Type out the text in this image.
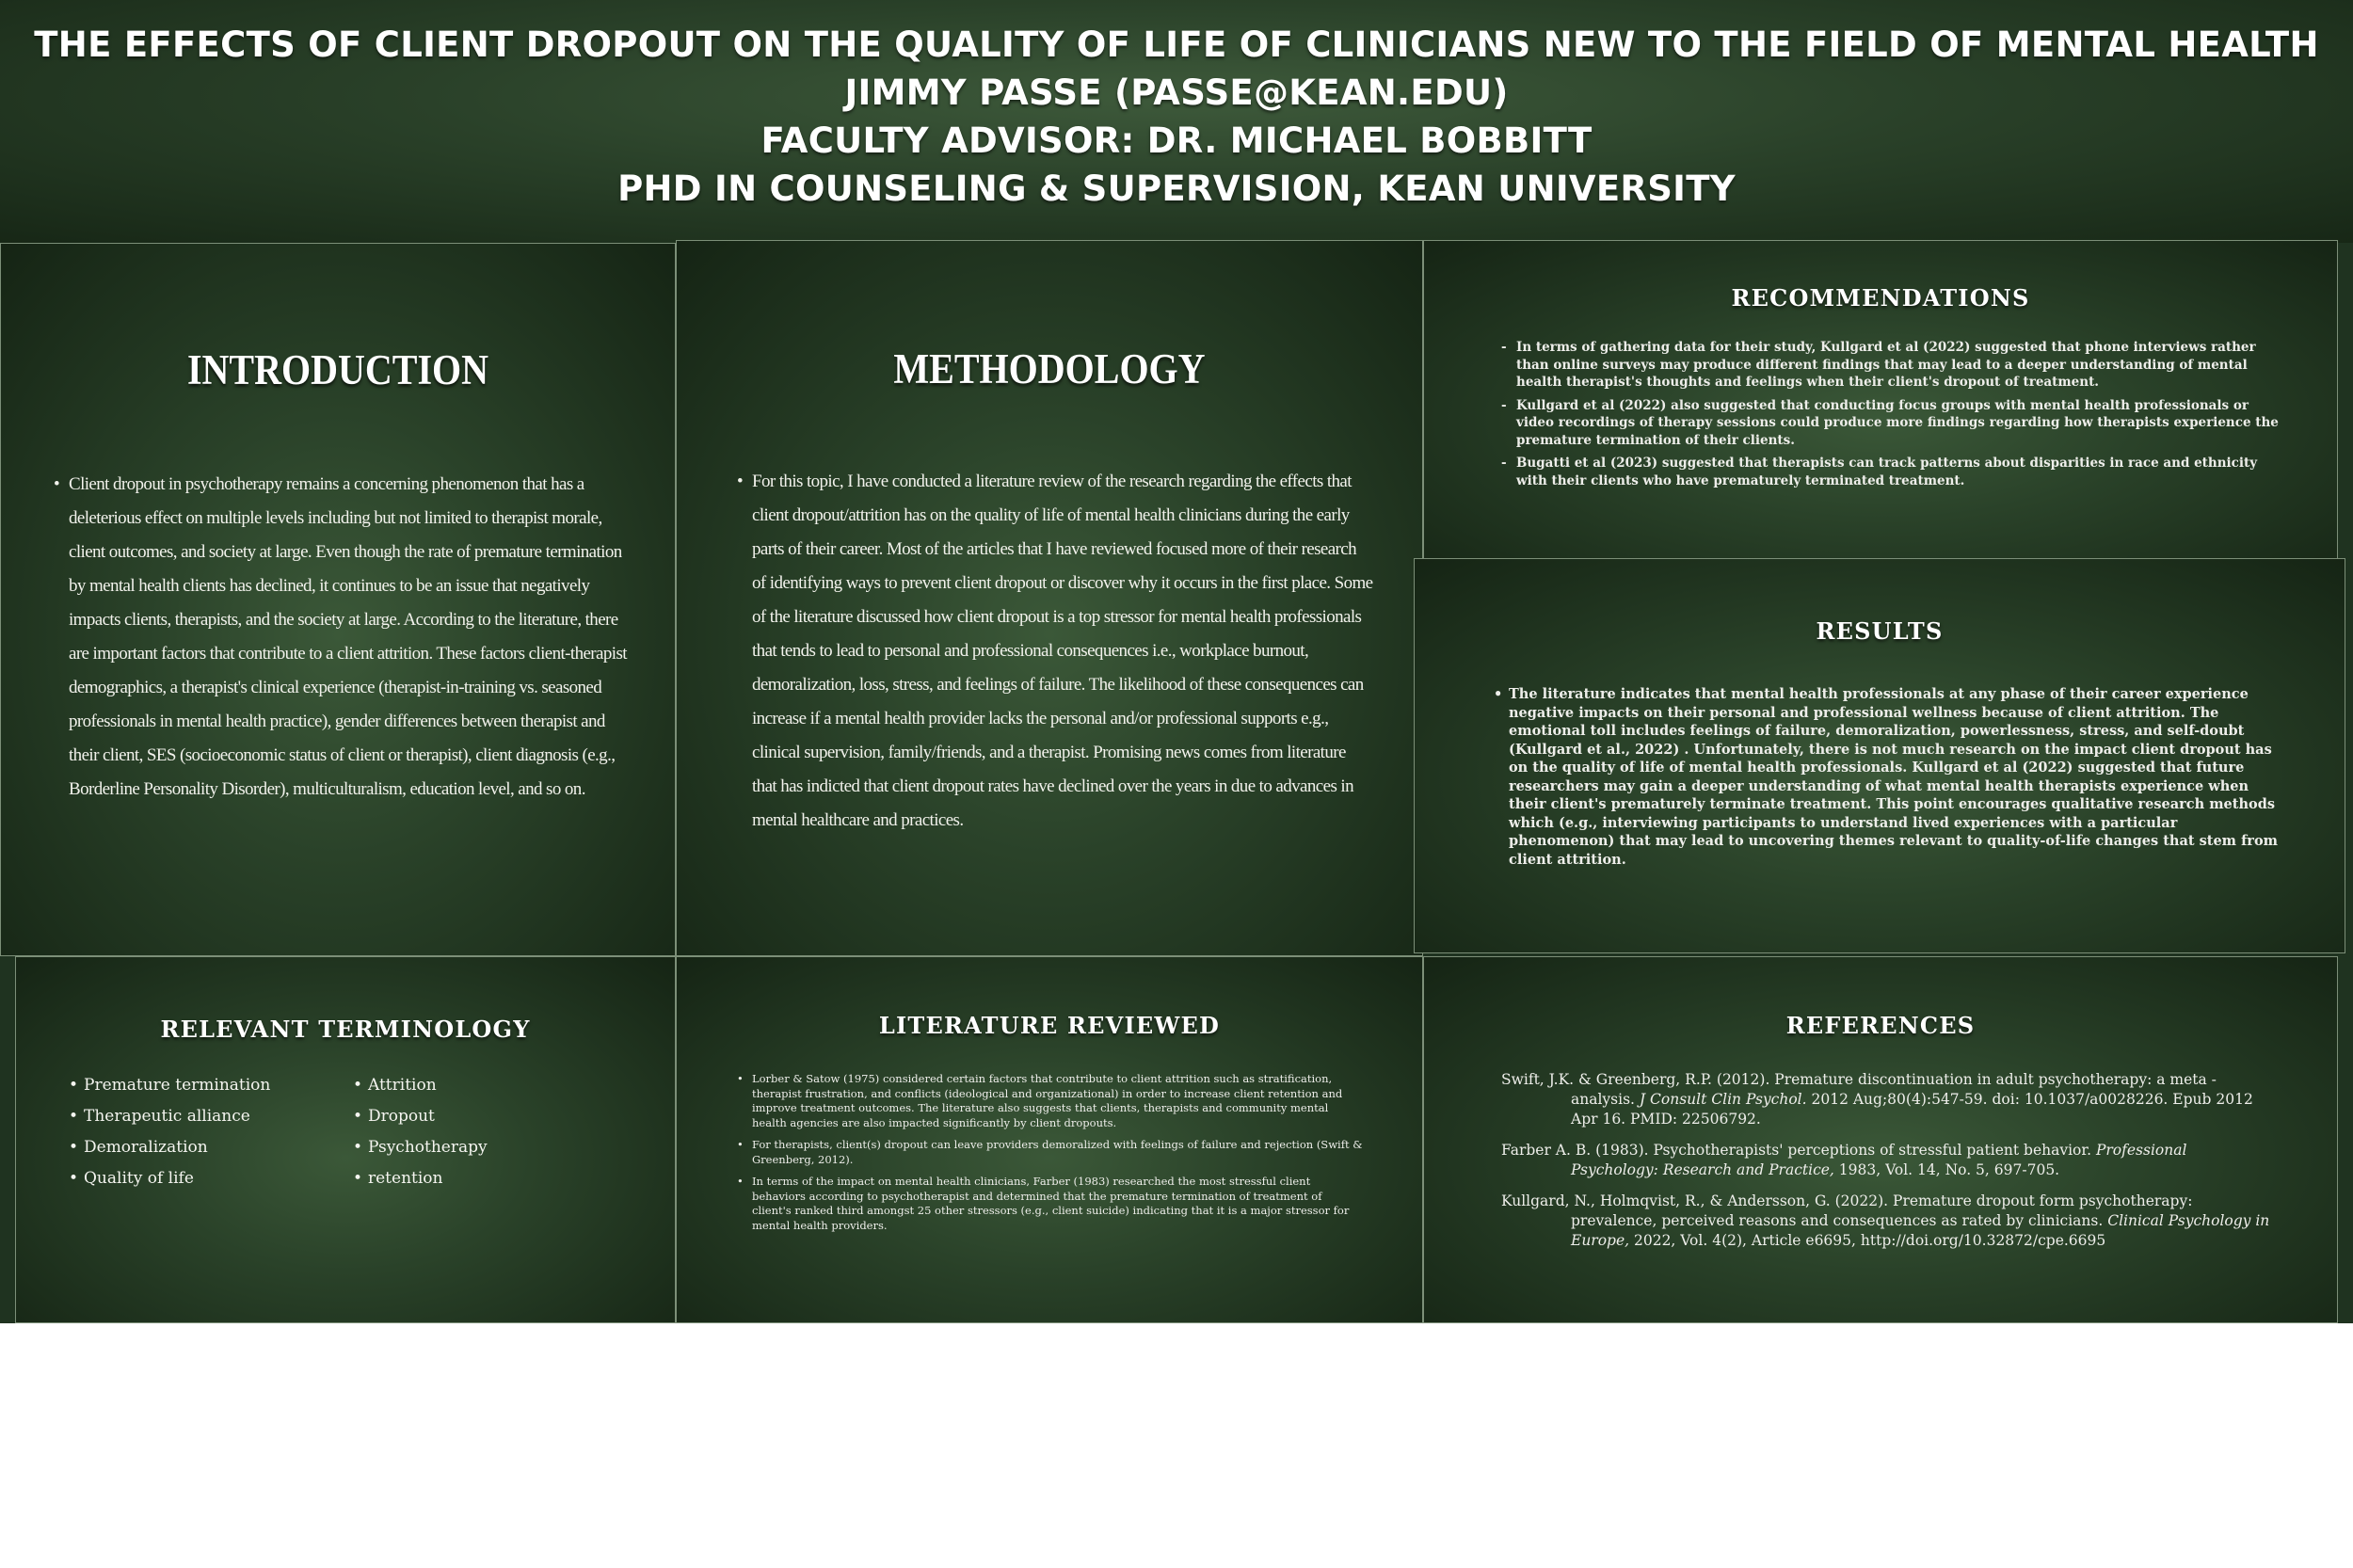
THE EFFECTS OF CLIENT DROPOUT ON THE QUALITY OF LIFE OF CLINICIANS NEW TO THE FIELD OF MENTAL HEALTH
JIMMY PASSE (PASSE@KEAN.EDU)
FACULTY ADVISOR: DR. MICHAEL BOBBITT
PHD IN COUNSELING & SUPERVISION, KEAN UNIVERSITY
INTRODUCTION
• Client dropout in psychotherapy remains a concerning phenomenon that has a deleterious effect on multiple levels including but not limited to therapist morale, client outcomes, and society at large. Even though the rate of premature termination by mental health clients has declined, it continues to be an issue that negatively impacts clients, therapists, and the society at large. According to the literature, there are important factors that contribute to a client attrition. These factors client-therapist demographics, a therapist's clinical experience (therapist-in-training vs. seasoned professionals in mental health practice), gender differences between therapist and their client, SES (socioeconomic status of client or therapist), client diagnosis (e.g., Borderline Personality Disorder), multiculturalism, education level, and so on.
METHODOLOGY
• For this topic, I have conducted a literature review of the research regarding the effects that client dropout/attrition has on the quality of life of mental health clinicians during the early parts of their career. Most of the articles that I have reviewed focused more of their research of identifying ways to prevent client dropout or discover why it occurs in the first place. Some of the literature discussed how client dropout is a top stressor for mental health professionals that tends to lead to personal and professional consequences i.e., workplace burnout, demoralization, loss, stress, and feelings of failure. The likelihood of these consequences can increase if a mental health provider lacks the personal and/or professional supports e.g., clinical supervision, family/friends, and a therapist. Promising news comes from literature that has indicted that client dropout rates have declined over the years in due to advances in mental healthcare and practices.
RECOMMENDATIONS
- In terms of gathering data for their study, Kullgard et al (2022) suggested that phone interviews rather than online surveys may produce different findings that may lead to a deeper understanding of mental health therapist's thoughts and feelings when their client's dropout of treatment.
- Kullgard et al (2022) also suggested that conducting focus groups with mental health professionals or video recordings of therapy sessions could produce more findings regarding how therapists experience the premature termination of their clients.
- Bugatti et al (2023) suggested that therapists can track patterns about disparities in race and ethnicity with their clients who have prematurely terminated treatment.
RESULTS
• The literature indicates that mental health professionals at any phase of their career experience negative impacts on their personal and professional wellness because of client attrition. The emotional toll includes feelings of failure, demoralization, powerlessness, stress, and self-doubt (Kullgard et al., 2022) . Unfortunately, there is not much research on the impact client dropout has on the quality of life of mental health professionals. Kullgard et al (2022) suggested that future researchers may gain a deeper understanding of what mental health therapists experience when their client's prematurely terminate treatment. This point encourages qualitative research methods which (e.g., interviewing participants to understand lived experiences with a particular phenomenon) that may lead to uncovering themes relevant to quality-of-life changes that stem from client attrition.
RELEVANT TERMINOLOGY
• Premature termination
• Therapeutic alliance
• Demoralization
• Quality of life
• Attrition
• Dropout
• Psychotherapy
• retention
LITERATURE REVIEWED
• Lorber & Satow (1975) considered certain factors that contribute to client attrition such as stratification, therapist frustration, and conflicts (ideological and organizational) in order to increase client retention and improve treatment outcomes. The literature also suggests that clients, therapists and community mental health agencies are also impacted significantly by client dropouts.
• For therapists, client(s) dropout can leave providers demoralized with feelings of failure and rejection (Swift & Greenberg, 2012).
• In terms of the impact on mental health clinicians, Farber (1983) researched the most stressful client behaviors according to psychotherapist and determined that the premature termination of treatment of client's ranked third amongst 25 other stressors (e.g., client suicide) indicating that it is a major stressor for mental health providers.
REFERENCES

Swift, J.K. & Greenberg, R.P. (2012). Premature discontinuation in adult psychotherapy: a meta -analysis. J Consult Clin Psychol. 2012 Aug;80(4):547-59. doi: 10.1037/a0028226. Epub 2012 Apr 16. PMID: 22506792.

Farber A. B. (1983). Psychotherapists' perceptions of stressful patient behavior. Professional Psychology: Research and Practice, 1983, Vol. 14, No. 5, 697-705.

Kullgard, N., Holmqvist, R., & Andersson, G. (2022). Premature dropout form psychotherapy: prevalence, perceived reasons and consequences as rated by clinicians. Clinical Psychology in Europe, 2022, Vol. 4(2), Article e6695, http://doi.org/10.32872/cpe.6695
